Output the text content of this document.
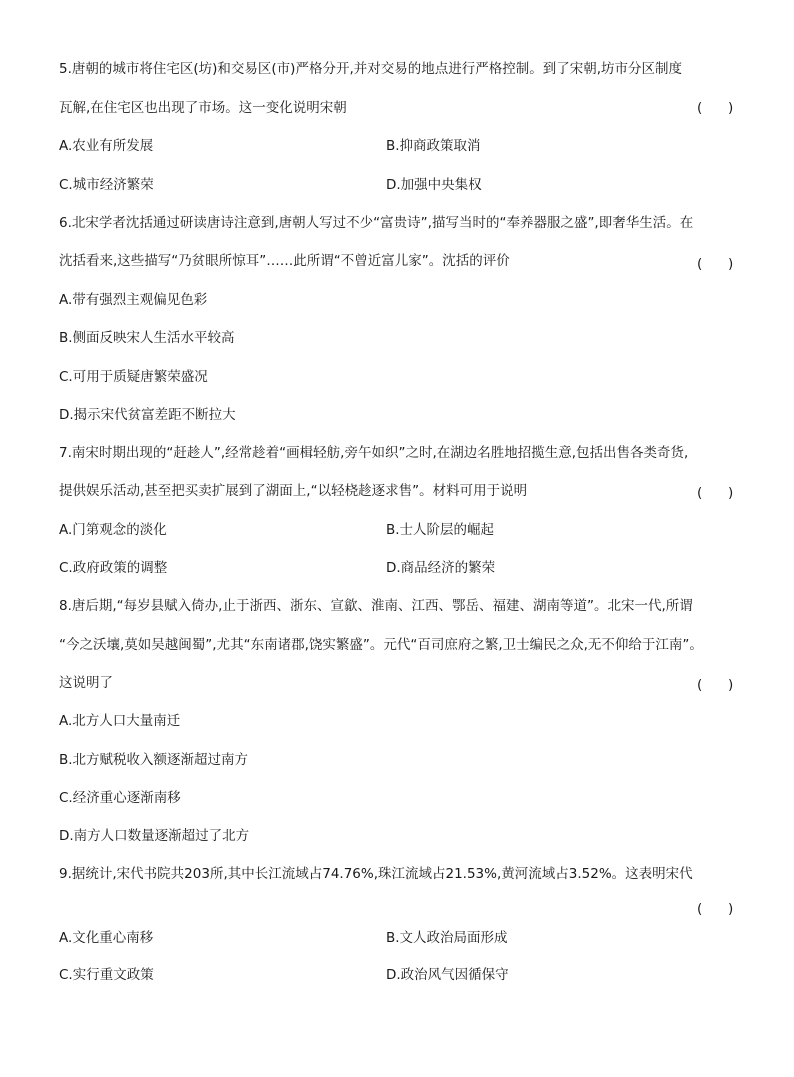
5.唐朝的城市将住宅区(坊)和交易区(市)严格分开,并对交易的地点进行严格控制。到了宋朝,坊市分区制度
瓦解,在住宅区也出现了市场。这一变化说明宋朝	(      )
A.农业有所发展	B.抑商政策取消
C.城市经济繁荣	D.加强中央集权
6.北宋学者沈括通过研读唐诗注意到,唐朝人写过不少“富贵诗”,描写当时的“奉养器服之盛”,即奢华生活。在
沈括看来,这些描写“乃贫眼所惊耳”……此所谓“不曾近富儿家”。沈括的评价	(      )
A.带有强烈主观偏见色彩
B.侧面反映宋人生活水平较高
C.可用于质疑唐繁荣盛况
D.揭示宋代贫富差距不断拉大
7.南宋时期出现的“赶趁人”,经常趁着“画楫轻舫,旁午如织”之时,在湖边名胜地招揽生意,包括出售各类奇货,
提供娱乐活动,甚至把买卖扩展到了湖面上,“以轻桡趁逐求售”。材料可用于说明	(      )
A.门第观念的淡化	B.士人阶层的崛起
C.政府政策的调整	D.商品经济的繁荣
8.唐后期,“每岁县赋入倚办,止于浙西、浙东、宣歙、淮南、江西、鄂岳、福建、湖南等道”。北宋一代,所谓
“今之沃壤,莫如吴越闽蜀”,尤其“东南诸郡,饶实繁盛”。元代“百司庶府之繁,卫士编民之众,无不仰给于江南”。
这说明了	(      )
A.北方人口大量南迁
B.北方赋税收入额逐渐超过南方
C.经济重心逐渐南移
D.南方人口数量逐渐超过了北方
9.据统计,宋代书院共203所,其中长江流域占74.76%,珠江流域占21.53%,黄河流域占3.52%。这表明宋代
(      )
A.文化重心南移	B.文人政治局面形成
C.实行重文政策	D.政治风气因循保守
